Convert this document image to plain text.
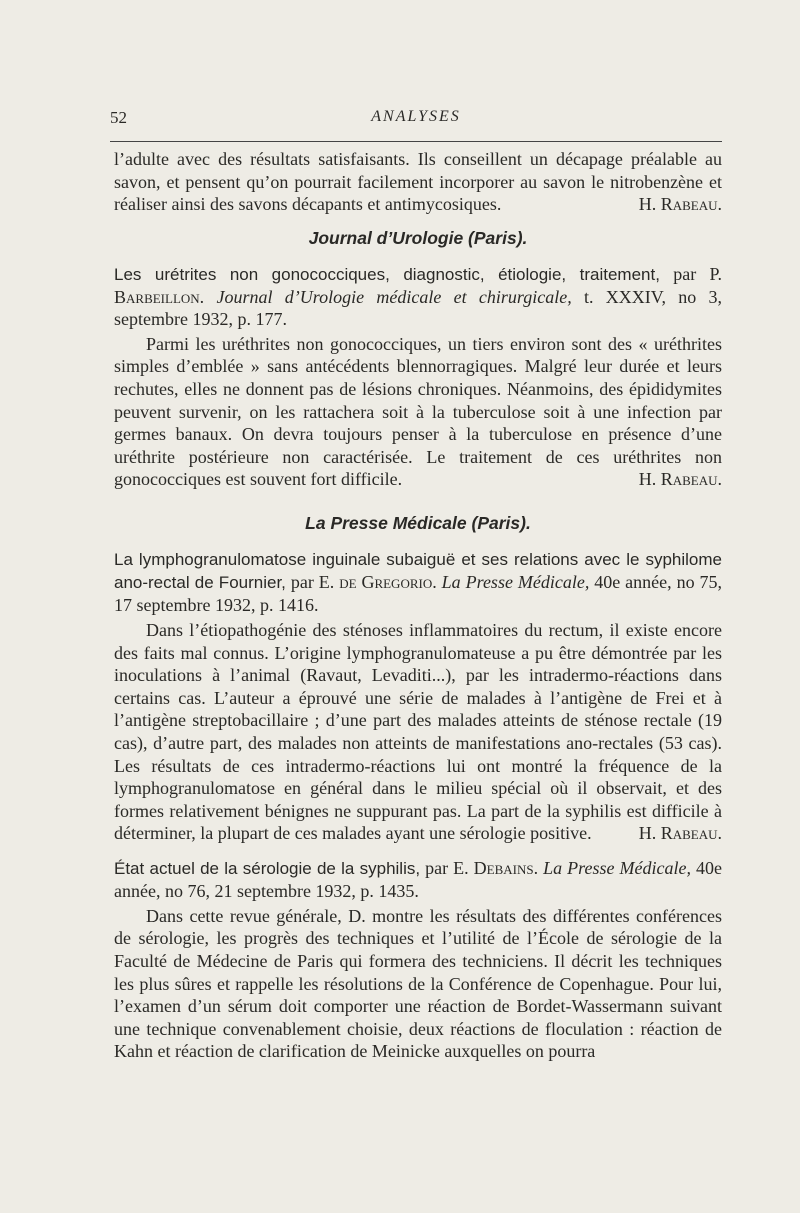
52	ANALYSES

l’adulte avec des résultats satisfaisants. Ils conseillent un décapage préalable au savon, et pensent qu’on pourrait facilement incorporer au savon le nitrobenzène et réaliser ainsi des savons décapants et antimycosiques.	H. Rabeau.

Journal d’Urologie (Paris).

Les urétrites non gonococciques, diagnostic, étiologie, traitement, par P. Barbeillon. Journal d’Urologie médicale et chirurgicale, t. XXXIV, no 3, septembre 1932, p. 177.

Parmi les uréthrites non gonococciques, un tiers environ sont des « uréthrites simples d’emblée » sans antécédents blennorragiques. Malgré leur durée et leurs rechutes, elles ne donnent pas de lésions chroniques. Néanmoins, des épididymites peuvent survenir, on les rattachera soit à la tuberculose soit à une infection par germes banaux. On devra toujours penser à la tuberculose en présence d’une uréthrite postérieure non caractérisée. Le traitement de ces uréthrites non gonococciques est souvent fort difficile.	H. Rabeau.

La Presse Médicale (Paris).

La lymphogranulomatose inguinale subaiguë et ses relations avec le syphilome ano-rectal de Fournier, par E. de Gregorio. La Presse Médicale, 40e année, no 75, 17 septembre 1932, p. 1416.

Dans l’étiopathogénie des sténoses inflammatoires du rectum, il existe encore des faits mal connus. L’origine lymphogranulomateuse a pu être démontrée par les inoculations à l’animal (Ravaut, Levaditi...), par les intradermo-réactions dans certains cas. L’auteur a éprouvé une série de malades à l’antigène de Frei et à l’antigène streptobacillaire ; d’une part des malades atteints de sténose rectale (19 cas), d’autre part, des malades non atteints de manifestations ano-rectales (53 cas). Les résultats de ces intradermo-réactions lui ont montré la fréquence de la lymphogranulomatose en général dans le milieu spécial où il observait, et des formes relativement bénignes ne suppurant pas. La part de la syphilis est difficile à déterminer, la plupart de ces malades ayant une sérologie positive.	H. Rabeau.

État actuel de la sérologie de la syphilis, par E. Debains. La Presse Médicale, 40e année, no 76, 21 septembre 1932, p. 1435.

Dans cette revue générale, D. montre les résultats des différentes conférences de sérologie, les progrès des techniques et l’utilité de l’École de sérologie de la Faculté de Médecine de Paris qui formera des techniciens. Il décrit les techniques les plus sûres et rappelle les résolutions de la Conférence de Copenhague. Pour lui, l’examen d’un sérum doit comporter une réaction de Bordet-Wassermann suivant une technique convenablement choisie, deux réactions de floculation : réaction de Kahn et réaction de clarification de Meinicke auxquelles on pourra
